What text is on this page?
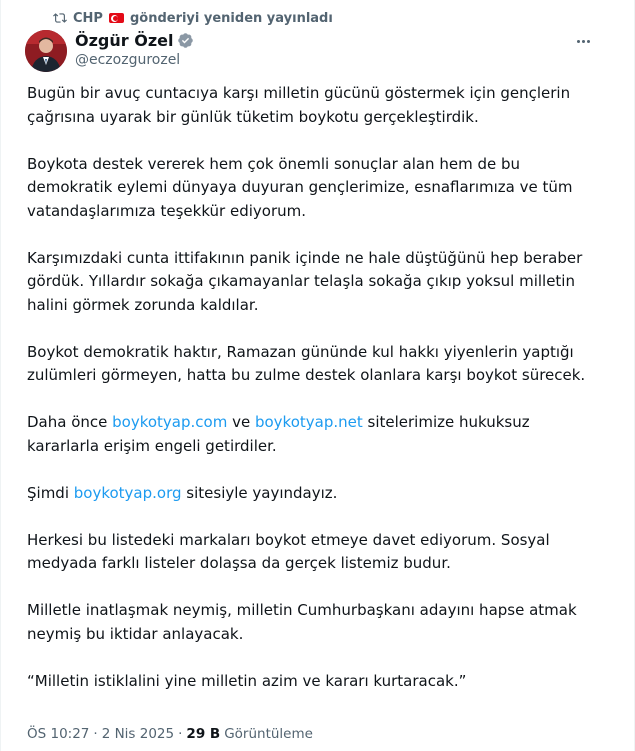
CHP gönderiyi yeniden yayınladı
Özgür Özel
@eczozgurozel

Bugün bir avuç cuntacıya karşı milletin gücünü göstermek için gençlerin çağrısına uyarak bir günlük tüketim boykotu gerçekleştirdik.

Boykota destek vererek hem çok önemli sonuçlar alan hem de bu demokratik eylemi dünyaya duyuran gençlerimize, esnaflarımıza ve tüm vatandaşlarımıza teşekkür ediyorum.

Karşımızdaki cunta ittifakının panik içinde ne hale düştüğünü hep beraber gördük. Yıllardır sokağa çıkamayanlar telaşla sokağa çıkıp yoksul milletin halini görmek zorunda kaldılar.

Boykot demokratik haktır, Ramazan gününde kul hakkı yiyenlerin yaptığı zulümleri görmeyen, hatta bu zulme destek olanlara karşı boykot sürecek.

Daha önce boykotyap.com ve boykotyap.net sitelerimize hukuksuz kararlarla erişim engeli getirdiler.

Şimdi boykotyap.org sitesiyle yayındayız.

Herkesi bu listedeki markaları boykot etmeye davet ediyorum. Sosyal medyada farklı listeler dolaşsa da gerçek listemiz budur.

Milletle inatlaşmak neymiş, milletin Cumhurbaşkanı adayını hapse atmak neymiş bu iktidar anlayacak.

“Milletin istiklalini yine milletin azim ve kararı kurtaracak.”

ÖS 10:27 · 2 Nis 2025 · 29 B Görüntüleme
